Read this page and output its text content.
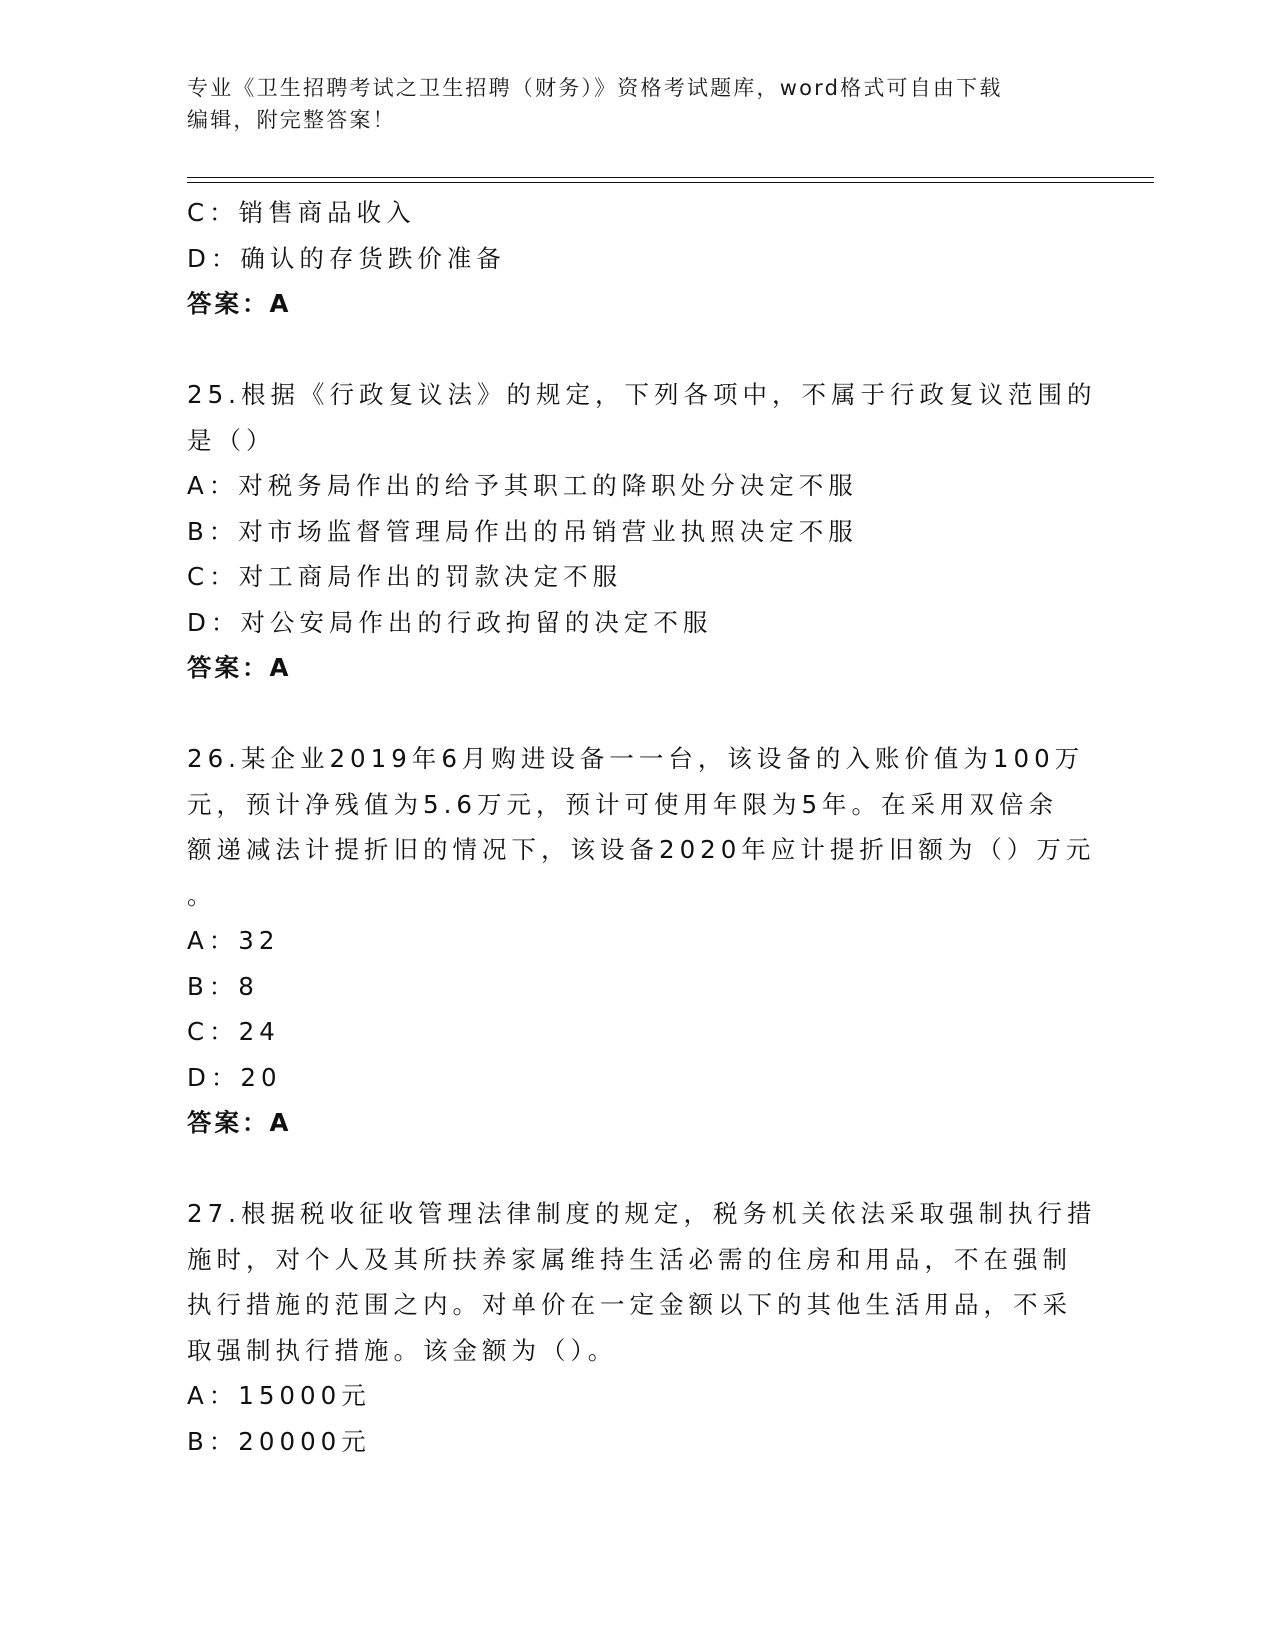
专业《卫生招聘考试之卫生招聘（财务）》资格考试题库，word格式可自由下载
编辑，附完整答案！
C：销售商品收入
D：确认的存货跌价准备
答案：A
25.根据《行政复议法》的规定，下列各项中，不属于行政复议范围的
是（）
A：对税务局作出的给予其职工的降职处分决定不服
B：对市场监督管理局作出的吊销营业执照决定不服
C：对工商局作出的罚款决定不服
D：对公安局作出的行政拘留的决定不服
答案：A
26.某企业2019年6月购进设备一一台，该设备的入账价值为100万
元，预计净残值为5.6万元，预计可使用年限为5年。在采用双倍余
额递减法计提折旧的情况下，该设备2020年应计提折旧额为（）万元
。
A：32
B：8
C：24
D：20
答案：A
27.根据税收征收管理法律制度的规定，税务机关依法采取强制执行措
施时，对个人及其所扶养家属维持生活必需的住房和用品，不在强制
执行措施的范围之内。对单价在一定金额以下的其他生活用品，不采
取强制执行措施。该金额为（）。
A：15000元
B：20000元
